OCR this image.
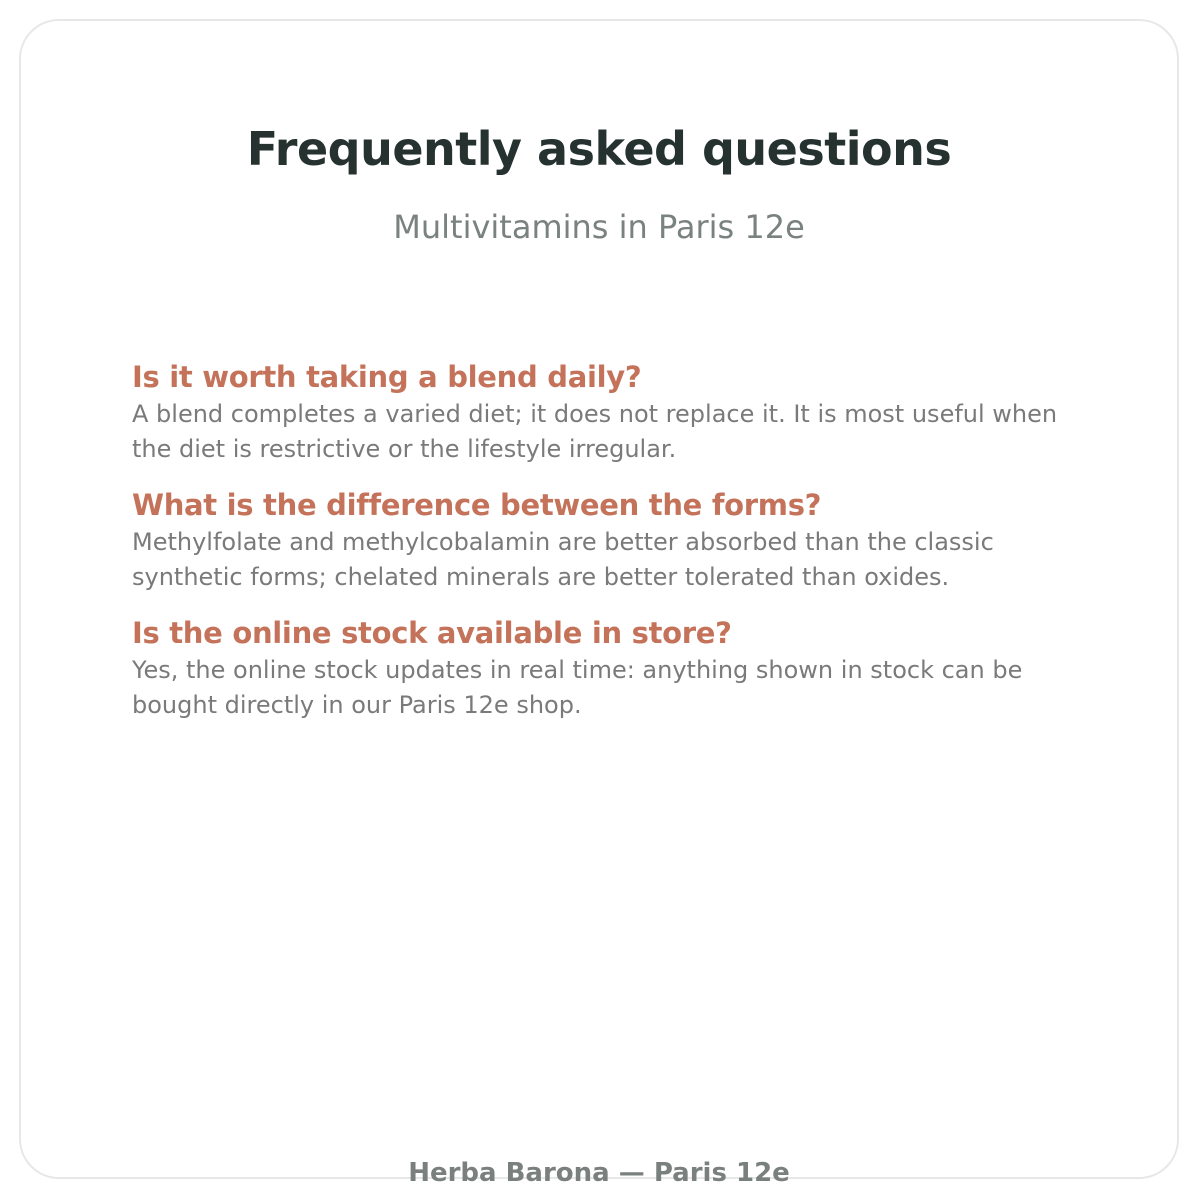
Frequently asked questions
Multivitamins in Paris 12e
Is it worth taking a blend daily?

A blend completes a varied diet; it does not replace it. It is most useful when the diet is restrictive or the lifestyle irregular.

What is the difference between the forms?

Methylfolate and methylcobalamin are better absorbed than the classic synthetic forms; chelated minerals are better tolerated than oxides.

Is the online stock available in store?

Yes, the online stock updates in real time: anything shown in stock can be bought directly in our Paris 12e shop.

Herba Barona — Paris 12e
